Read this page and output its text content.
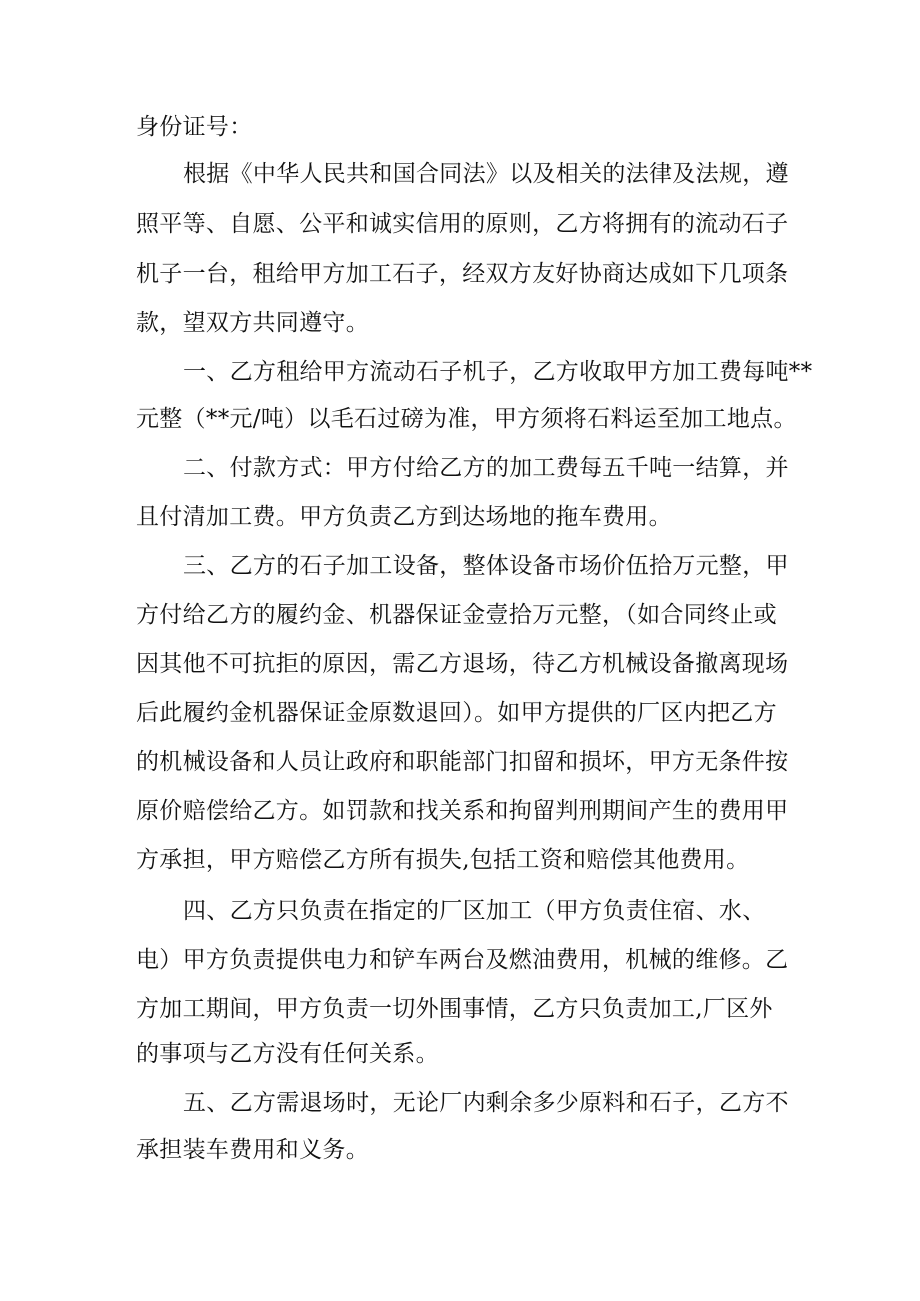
身份证号：
根据《中华人民共和国合同法》以及相关的法律及法规，遵
照平等、自愿、公平和诚实信用的原则，乙方将拥有的流动石子
机子一台，租给甲方加工石子，经双方友好协商达成如下几项条
款，望双方共同遵守。
一、乙方租给甲方流动石子机子，乙方收取甲方加工费每吨**
元整（**元/吨）以毛石过磅为准，甲方须将石料运至加工地点。
二、付款方式：甲方付给乙方的加工费每五千吨一结算，并
且付清加工费。甲方负责乙方到达场地的拖车费用。
三、乙方的石子加工设备，整体设备市场价伍拾万元整，甲
方付给乙方的履约金、机器保证金壹拾万元整，（如合同终止或
因其他不可抗拒的原因，需乙方退场，待乙方机械设备撤离现场
后此履约金机器保证金原数退回）。如甲方提供的厂区内把乙方
的机械设备和人员让政府和职能部门扣留和损坏，甲方无条件按
原价赔偿给乙方。如罚款和找关系和拘留判刑期间产生的费用甲
方承担，甲方赔偿乙方所有损失,包括工资和赔偿其他费用。
四、乙方只负责在指定的厂区加工（甲方负责住宿、水、
电）甲方负责提供电力和铲车两台及燃油费用，机械的维修。乙
方加工期间，甲方负责一切外围事情，乙方只负责加工,厂区外
的事项与乙方没有任何关系。
五、乙方需退场时，无论厂内剩余多少原料和石子，乙方不
承担装车费用和义务。
